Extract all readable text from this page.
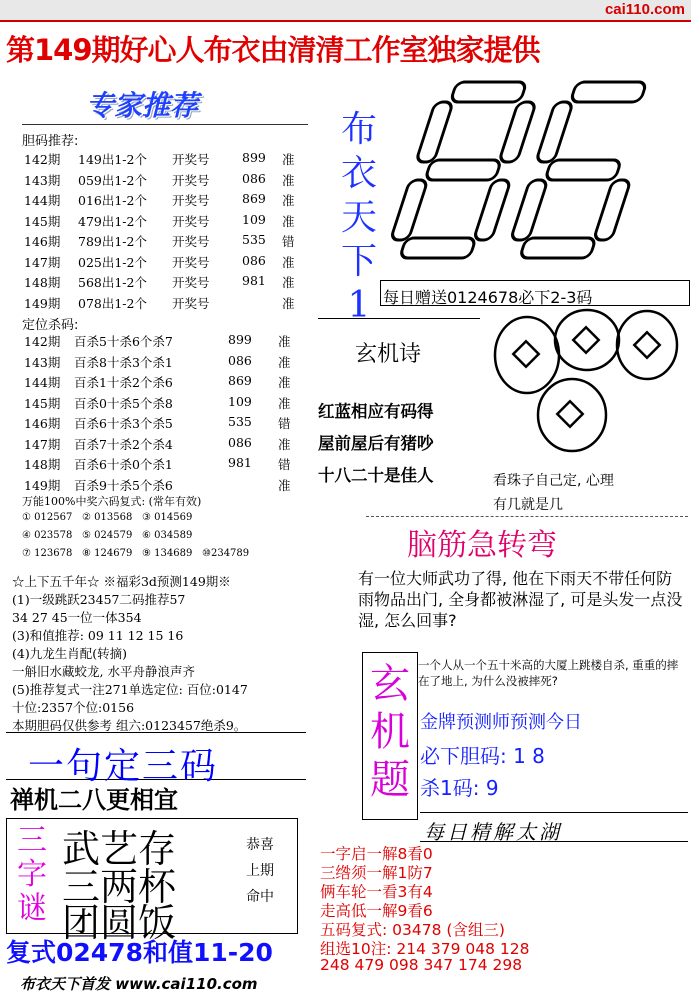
cai110.com
第149期好心人布衣由清清工作室独家提供
专家推荐
胆码推荐:
142期 149出1-2个 开奖号	899 准
143期 059出1-2个 开奖号	086 准
144期 016出1-2个 开奖号	869 准
145期 479出1-2个 开奖号	109 准
146期 789出1-2个 开奖号	535 错
147期 025出1-2个 开奖号	086 准
148期 568出1-2个 开奖号	981 准
149期 078出1-2个 开奖号	准
定位杀码:
142期 百杀5十杀6个杀7	899 准
143期 百杀8十杀3个杀1	086 准
144期 百杀1十杀2个杀6	869 准
145期 百杀0十杀5个杀8	109 准
146期 百杀6十杀3个杀5	535 错
147期 百杀7十杀2个杀4	086 准
148期 百杀6十杀0个杀1	981 错
149期 百杀9十杀5个杀6	准
万能100%中奖六码复式: (常年有效)
① 012567 ② 013568 ③ 014569
④ 023578 ⑤ 024579 ⑥ 034589
⑦ 123678 ⑧ 124679 ⑨ 134689 ⑩234789
☆上下五千年☆ ※福彩3d预测149期※
(1)一级跳跃23457二码推荐57
34 27 45一位一体354
(3)和值推荐: 09 11 12 15 16
(4)九龙生肖配(转摘)
一斛旧水藏蛟龙, 水平舟静浪声齐
(5)推荐复式一注271单选定位: 百位:0147
十位:2357个位:0156
本期胆码仅供参考 组六:0123457绝杀9。
布
衣
天
下
1 每日赠送0124678必下2-3码
玄机诗
红蓝相应有码得
屋前屋后有猪吵
十八二十是佳人	看珠子自己定, 心理
有几就是几
脑筋急转弯
有一位大师武功了得, 他在下雨天不带任何防雨物品出门, 全身都被淋湿了, 可是头发一点没湿, 怎么回事?
玄
机
题
一个人从一个五十米高的大厦上跳楼自杀, 重重的摔在了地上, 为什么没被摔死?
金牌预测师预测今日
必下胆码: 1 8
杀1码: 9
每日精解太湖
一字启一解8看0
三绺须一解1防7
俩车轮一看3有4
走高低一解9看6
五码复式: 03478 (含组三)
组选10注: 214 379 048 128
248 479 098 347 174 298
一句定三码
禅机二八更相宜
三
字
谜
武艺存
三两杯
团圆饭
恭喜
上期
命中
复式02478和值11-20
布衣天下首发 www.cai110.com
